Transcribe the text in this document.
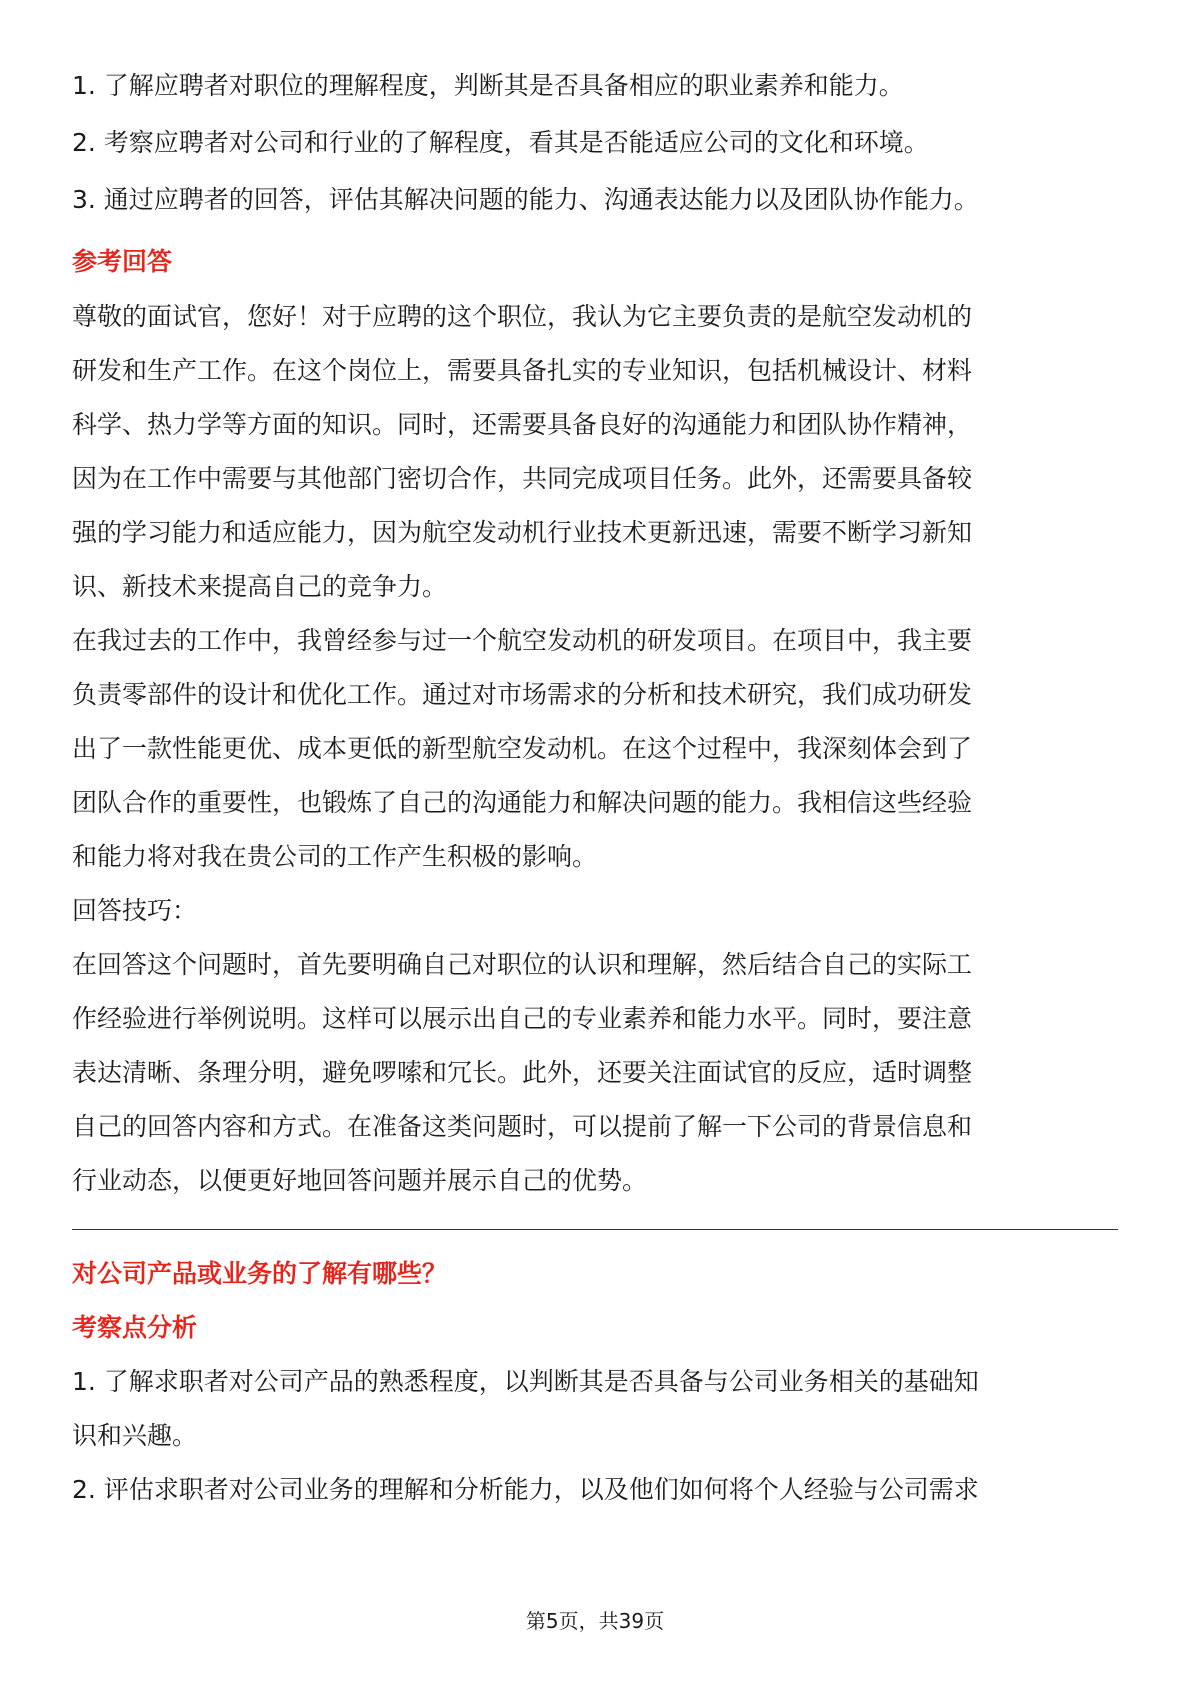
1. 了解应聘者对职位的理解程度，判断其是否具备相应的职业素养和能力。
2. 考察应聘者对公司和行业的了解程度，看其是否能适应公司的文化和环境。
3. 通过应聘者的回答，评估其解决问题的能力、沟通表达能力以及团队协作能力。
参考回答
尊敬的面试官，您好！对于应聘的这个职位，我认为它主要负责的是航空发动机的
研发和生产工作。在这个岗位上，需要具备扎实的专业知识，包括机械设计、材料
科学、热力学等方面的知识。同时，还需要具备良好的沟通能力和团队协作精神，
因为在工作中需要与其他部门密切合作，共同完成项目任务。此外，还需要具备较
强的学习能力和适应能力，因为航空发动机行业技术更新迅速，需要不断学习新知
识、新技术来提高自己的竞争力。
在我过去的工作中，我曾经参与过一个航空发动机的研发项目。在项目中，我主要
负责零部件的设计和优化工作。通过对市场需求的分析和技术研究，我们成功研发
出了一款性能更优、成本更低的新型航空发动机。在这个过程中，我深刻体会到了
团队合作的重要性，也锻炼了自己的沟通能力和解决问题的能力。我相信这些经验
和能力将对我在贵公司的工作产生积极的影响。
回答技巧：
在回答这个问题时，首先要明确自己对职位的认识和理解，然后结合自己的实际工
作经验进行举例说明。这样可以展示出自己的专业素养和能力水平。同时，要注意
表达清晰、条理分明，避免啰嗦和冗长。此外，还要关注面试官的反应，适时调整
自己的回答内容和方式。在准备这类问题时，可以提前了解一下公司的背景信息和
行业动态，以便更好地回答问题并展示自己的优势。
对公司产品或业务的了解有哪些？
考察点分析
1. 了解求职者对公司产品的熟悉程度，以判断其是否具备与公司业务相关的基础知
识和兴趣。
2. 评估求职者对公司业务的理解和分析能力，以及他们如何将个人经验与公司需求
第5页，共39页
